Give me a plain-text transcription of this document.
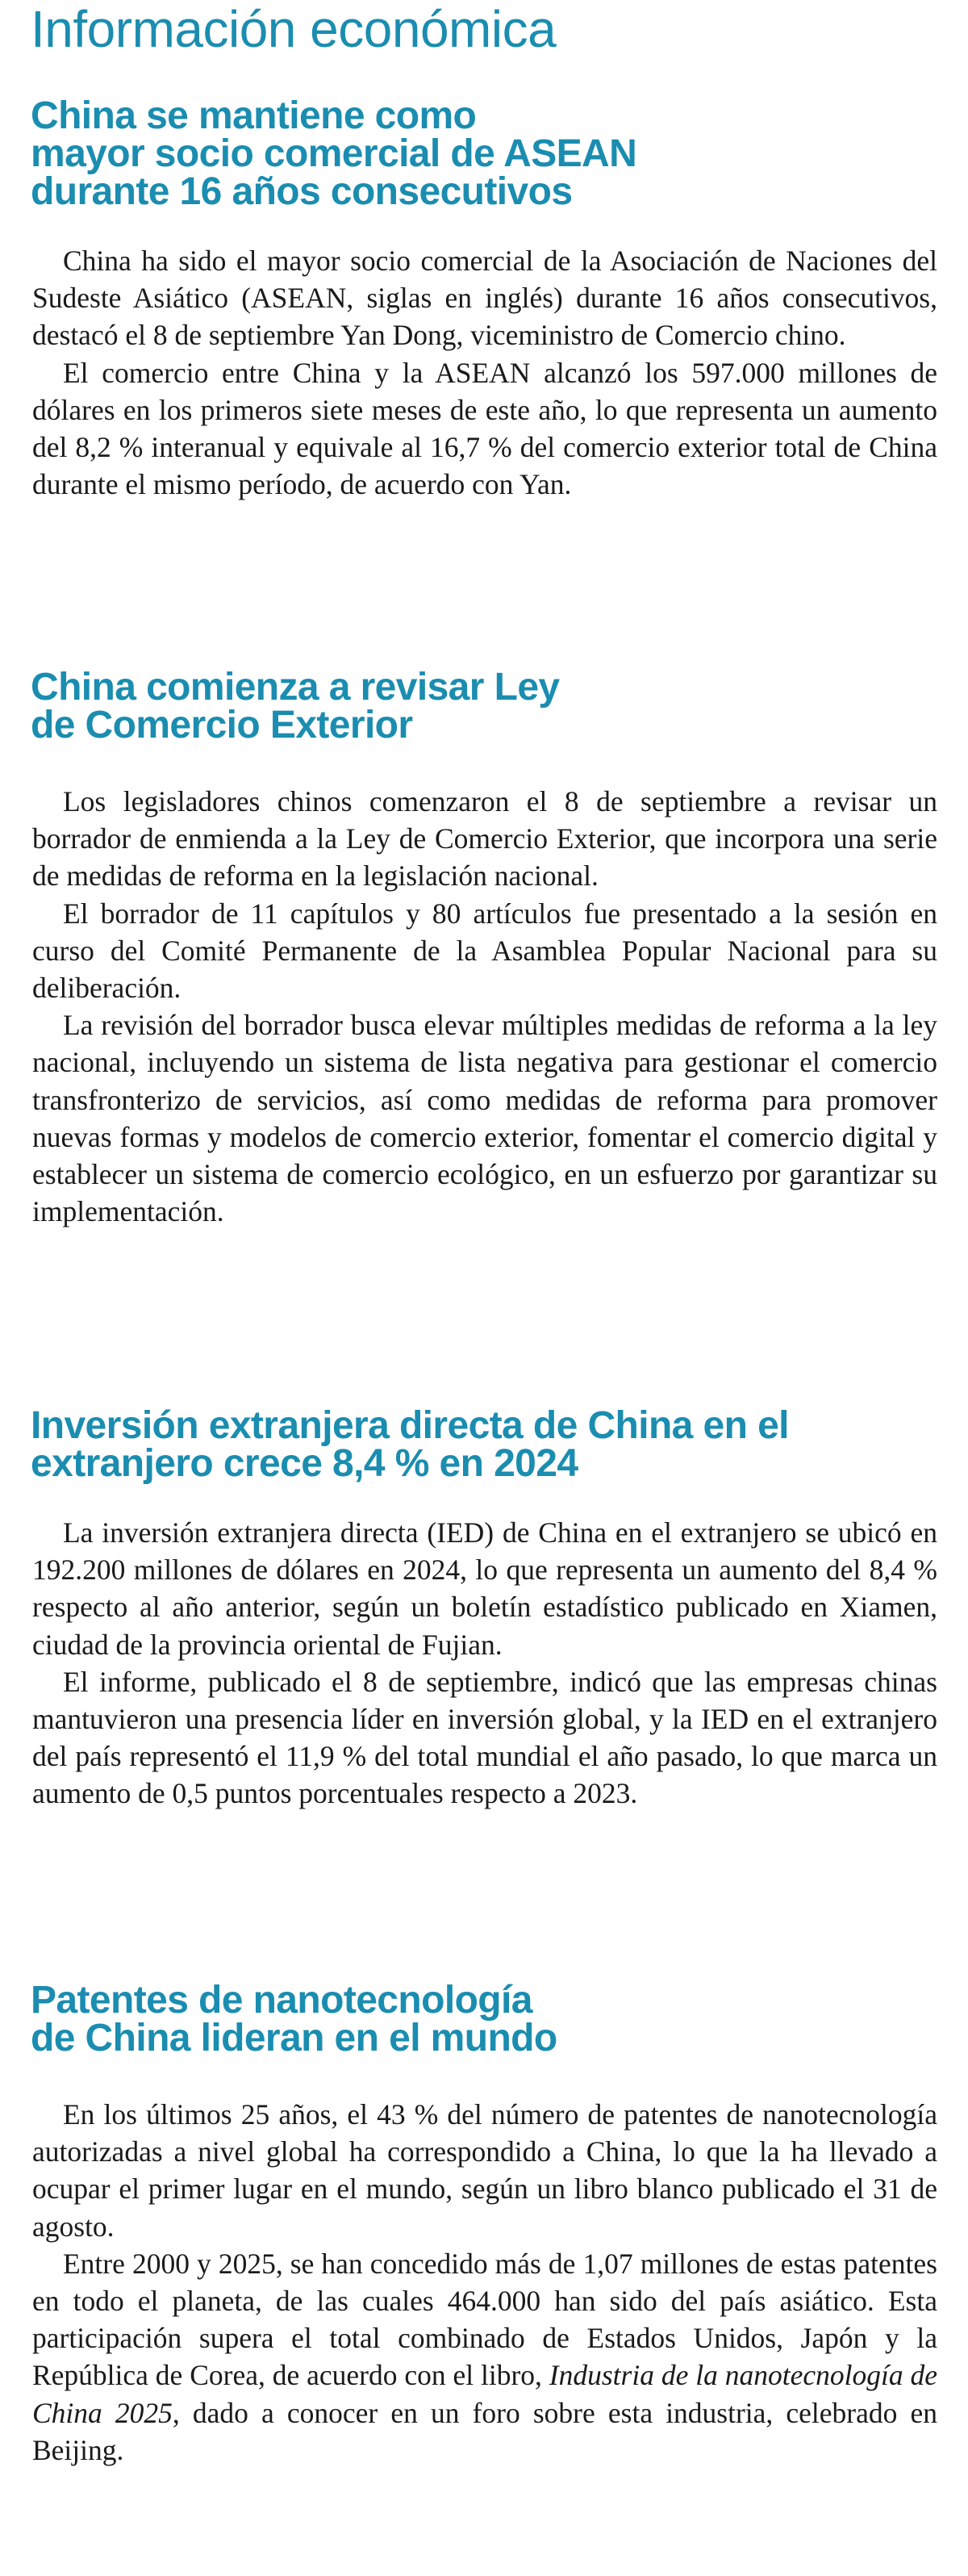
Información económica
China se mantiene como
mayor socio comercial de ASEAN
durante 16 años consecutivos

China ha sido el mayor socio comercial de la Asociación de Naciones del Sudeste Asiático (ASEAN, siglas en inglés) durante 16 años consecutivos, destacó el 8 de septiembre Yan Dong, viceministro de Comercio chino.

El comercio entre China y la ASEAN alcanzó los 597.000 millones de dólares en los primeros siete meses de este año, lo que representa un aumento del 8,2 % interanual y equivale al 16,7 % del comercio exterior total de China durante el mismo período, de acuerdo con Yan.

China comienza a revisar Ley
de Comercio Exterior

Los legisladores chinos comenzaron el 8 de septiembre a revisar un borrador de enmienda a la Ley de Comercio Exterior, que incorpora una serie de medidas de reforma en la legislación nacional.

El borrador de 11 capítulos y 80 artículos fue presentado a la sesión en curso del Comité Permanente de la Asamblea Popular Nacional para su deliberación.

La revisión del borrador busca elevar múltiples medidas de reforma a la ley nacional, incluyendo un sistema de lista negativa para gestionar el comercio transfronterizo de servicios, así como medidas de reforma para promover nuevas formas y modelos de comercio exterior, fomentar el comercio digital y establecer un sistema de comercio ecológico, en un esfuerzo por garantizar su implementación.

Inversión extranjera directa de China en el
extranjero crece 8,4 % en 2024

La inversión extranjera directa (IED) de China en el extranjero se ubicó en 192.200 millones de dólares en 2024, lo que representa un aumento del 8,4 % respecto al año anterior, según un boletín estadístico publicado en Xiamen, ciudad de la provincia oriental de Fujian.

El informe, publicado el 8 de septiembre, indicó que las empresas chinas mantuvieron una presencia líder en inversión global, y la IED en el extranjero del país representó el 11,9 % del total mundial el año pasado, lo que marca un aumento de 0,5 puntos porcentuales respecto a 2023.

Patentes de nanotecnología
de China lideran en el mundo

En los últimos 25 años, el 43 % del número de patentes de nanotecnología autorizadas a nivel global ha correspondido a China, lo que la ha llevado a ocupar el primer lugar en el mundo, según un libro blanco publicado el 31 de agosto.

Entre 2000 y 2025, se han concedido más de 1,07 millones de estas patentes en todo el planeta, de las cuales 464.000 han sido del país asiático. Esta participación supera el total combinado de Estados Unidos, Japón y la República de Corea, de acuerdo con el libro, Industria de la nanotecnología de China 2025, dado a conocer en un foro sobre esta industria, celebrado en Beijing.
